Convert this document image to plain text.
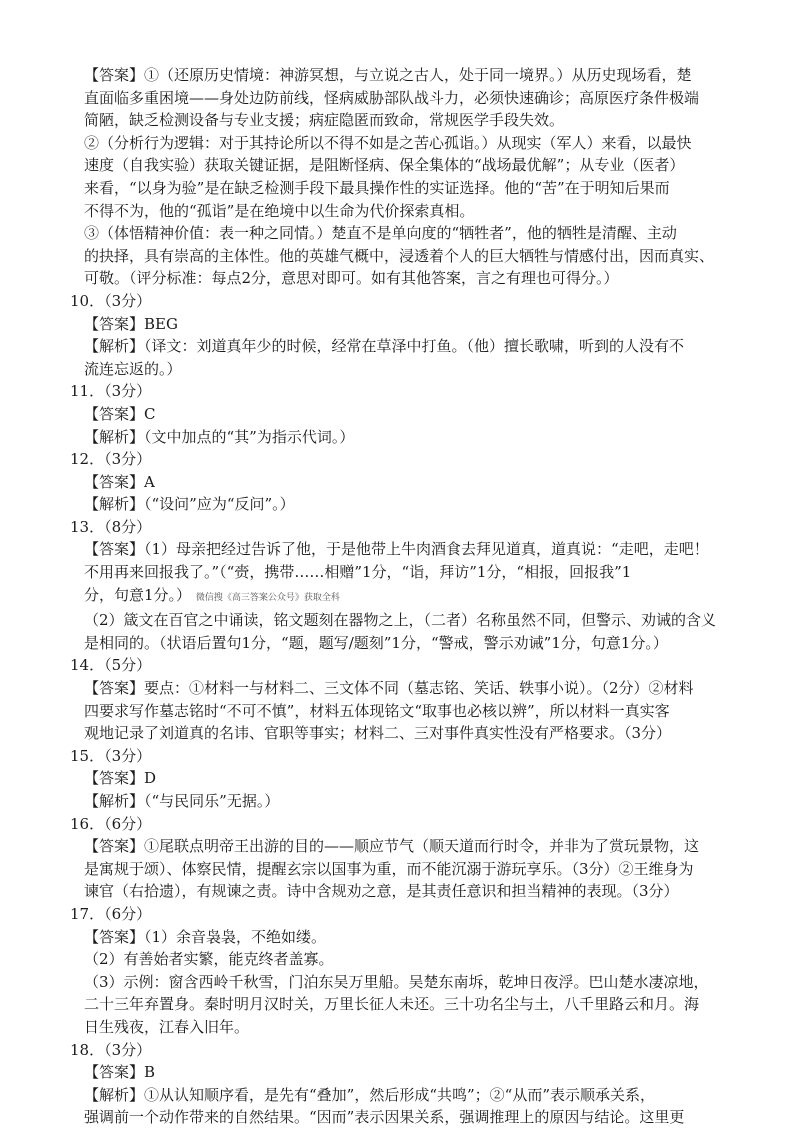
【答案】①（还原历史情境：神游冥想，与立说之古人，处于同一境界。）从历史现场看，楚
直面临多重困境——身处边防前线，怪病威胁部队战斗力，必须快速确诊；高原医疗条件极端
简陋，缺乏检测设备与专业支援；病症隐匿而致命，常规医学手段失效。
②（分析行为逻辑：对于其持论所以不得不如是之苦心孤诣。）从现实（军人）来看，以最快
速度（自我实验）获取关键证据，是阻断怪病、保全集体的“战场最优解”；从专业（医者）
来看，“以身为验”是在缺乏检测手段下最具操作性的实证选择。他的“苦”在于明知后果而
不得不为，他的“孤诣”是在绝境中以生命为代价探索真相。
③（体悟精神价值：表一种之同情。）楚直不是单向度的“牺牲者”，他的牺牲是清醒、主动
的抉择，具有崇高的主体性。他的英雄气概中，浸透着个人的巨大牺牲与情感付出，因而真实、
可敬。（评分标准：每点2分，意思对即可。如有其他答案，言之有理也可得分。）
10．（3分）
【答案】BEG
【解析】（译文：刘道真年少的时候，经常在草泽中打鱼。（他）擅长歌啸，听到的人没有不
流连忘返的。）
11．（3分）
【答案】C
【解析】（文中加点的“其”为指示代词。）
12．（3分）
【答案】A
【解析】（“设问”应为“反问”。）
13．（8分）
【答案】（1）母亲把经过告诉了他，于是他带上牛肉酒食去拜见道真，道真说：“走吧，走吧！
不用再来回报我了。”（“赍，携带……相赠”1分，“诣，拜访”1分，“相报，回报我”1
分，句意1分。） 微信搜《高三答案公众号》获取全科
（2）箴文在百官之中诵读，铭文题刻在器物之上，（二者）名称虽然不同，但警示、劝诫的含义
是相同的。（状语后置句1分，“题，题写/题刻”1分，“警戒，警示劝诫”1分，句意1分。）
14．（5分）
【答案】要点：①材料一与材料二、三文体不同（墓志铭、笑话、轶事小说）。（2分）②材料
四要求写作墓志铭时“不可不慎”，材料五体现铭文“取事也必核以辨”，所以材料一真实客
观地记录了刘道真的名讳、官职等事实；材料二、三对事件真实性没有严格要求。（3分）
15．（3分）
【答案】D
【解析】（“与民同乐”无据。）
16．（6分）
【答案】①尾联点明帝王出游的目的——顺应节气（顺天道而行时令，并非为了赏玩景物，这
是寓规于颂）、体察民情，提醒玄宗以国事为重，而不能沉溺于游玩享乐。（3分）②王维身为
谏官（右拾遗），有规谏之责。诗中含规劝之意，是其责任意识和担当精神的表现。（3分）
17．（6分）
【答案】（1）余音袅袅，不绝如缕。
（2）有善始者实繁，能克终者盖寡。
（3）示例：窗含西岭千秋雪，门泊东吴万里船。吴楚东南坼，乾坤日夜浮。巴山楚水凄凉地，
二十三年弃置身。秦时明月汉时关，万里长征人未还。三十功名尘与土，八千里路云和月。海
日生残夜，江春入旧年。
18．（3分）
【答案】B
【解析】①从认知顺序看，是先有“叠加”，然后形成“共鸣”；②“从而”表示顺承关系，
强调前一个动作带来的自然结果。“因而”表示因果关系，强调推理上的原因与结论。这里更
